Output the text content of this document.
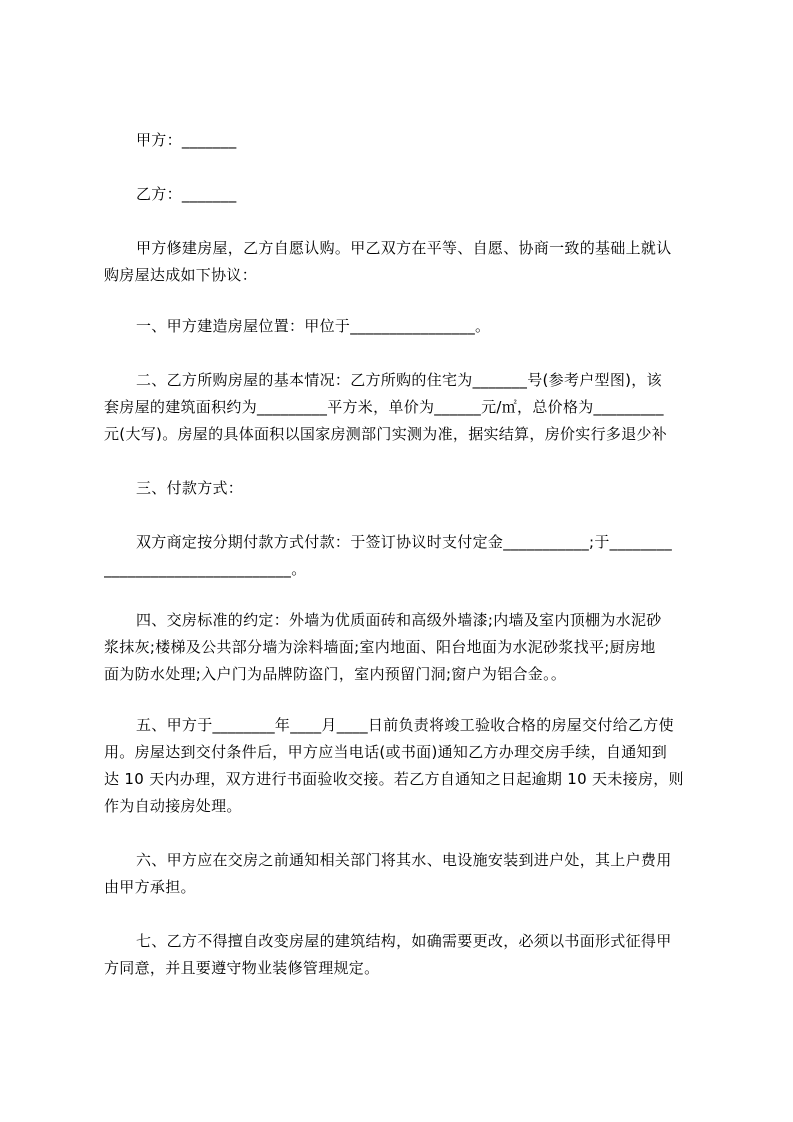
甲方：_______
乙方：_______
甲方修建房屋，乙方自愿认购。甲乙双方在平等、自愿、协商一致的基础上就认
购房屋达成如下协议：
一、甲方建造房屋位置：甲位于________________。
二、乙方所购房屋的基本情况：乙方所购的住宅为_______号(参考户型图)，该
套房屋的建筑面积约为_________平方米，单价为______元/㎡，总价格为_________
元(大写)。房屋的具体面积以国家房测部门实测为准，据实结算，房价实行多退少补
三、付款方式：
双方商定按分期付款方式付款：于签订协议时支付定金___________;于________
________________________。
四、交房标准的约定：外墙为优质面砖和高级外墙漆;内墙及室内顶棚为水泥砂
浆抹灰;楼梯及公共部分墙为涂料墙面;室内地面、阳台地面为水泥砂浆找平;厨房地
面为防水处理;入户门为品牌防盗门，室内预留门洞;窗户为铝合金。。
五、甲方于________年____月____日前负责将竣工验收合格的房屋交付给乙方使
用。房屋达到交付条件后，甲方应当电话(或书面)通知乙方办理交房手续，自通知到
达 10 天内办理，双方进行书面验收交接。若乙方自通知之日起逾期 10 天未接房，则
作为自动接房处理。
六、甲方应在交房之前通知相关部门将其水、电设施安装到进户处，其上户费用
由甲方承担。
七、乙方不得擅自改变房屋的建筑结构，如确需要更改，必须以书面形式征得甲
方同意，并且要遵守物业装修管理规定。
